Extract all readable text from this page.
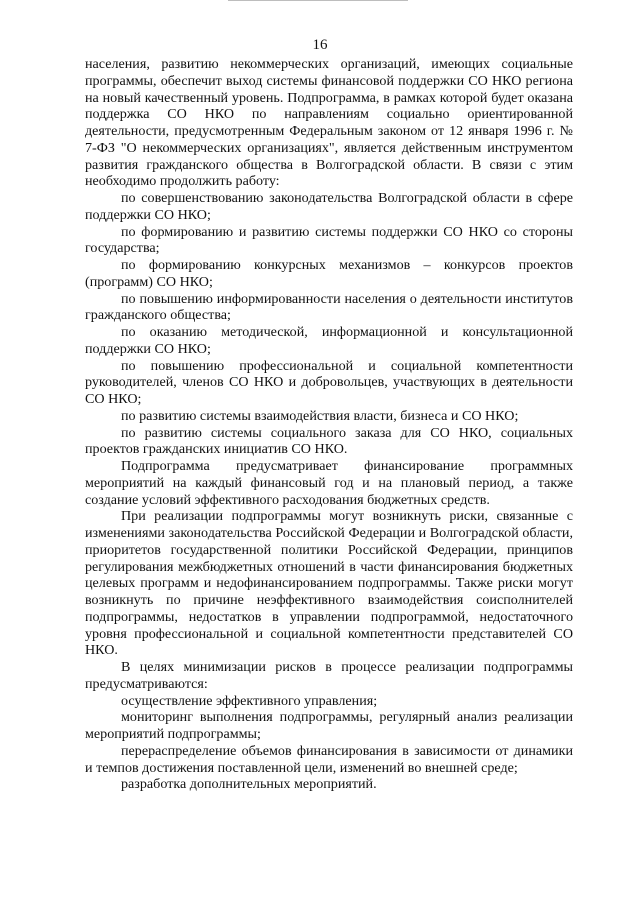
16

населения, развитию некоммерческих организаций, имеющих социальные программы, обеспечит выход системы финансовой поддержки СО НКО региона на новый качественный уровень. Подпрограмма, в рамках которой будет оказана поддержка СО НКО по направлениям социально ориентированной деятельности, предусмотренным Федеральным законом от 12 января 1996 г. № 7-ФЗ "О некоммерческих организациях", является действенным инструментом развития гражданского общества в Волгоградской области. В связи с этим необходимо продолжить работу:

по совершенствованию законодательства Волгоградской области в сфере поддержки СО НКО;

по формированию и развитию системы поддержки СО НКО со стороны государства;

по формированию конкурсных механизмов – конкурсов проектов (программ) СО НКО;

по повышению информированности населения о деятельности институтов гражданского общества;

по оказанию методической, информационной и консультационной поддержки СО НКО;

по повышению профессиональной и социальной компетентности руководителей, членов СО НКО и добровольцев, участвующих в деятельности СО НКО;

по развитию системы взаимодействия власти, бизнеса и СО НКО;

по развитию системы социального заказа для СО НКО, социальных проектов гражданских инициатив СО НКО.

Подпрограмма предусматривает финансирование программных мероприятий на каждый финансовый год и на плановый период, а также создание условий эффективного расходования бюджетных средств.

При реализации подпрограммы могут возникнуть риски, связанные с изменениями законодательства Российской Федерации и Волгоградской области, приоритетов государственной политики Российской Федерации, принципов регулирования межбюджетных отношений в части финансирования бюджетных целевых программ и недофинансированием подпрограммы. Также риски могут возникнуть по причине неэффективного взаимодействия соисполнителей подпрограммы, недостатков в управлении подпрограммой, недостаточного уровня профессиональной и социальной компетентности представителей СО НКО.

В целях минимизации рисков в процессе реализации подпрограммы предусматриваются:

осуществление эффективного управления;

мониторинг выполнения подпрограммы, регулярный анализ реализации мероприятий подпрограммы;

перераспределение объемов финансирования в зависимости от динамики и темпов достижения поставленной цели, изменений во внешней среде;

разработка дополнительных мероприятий.
